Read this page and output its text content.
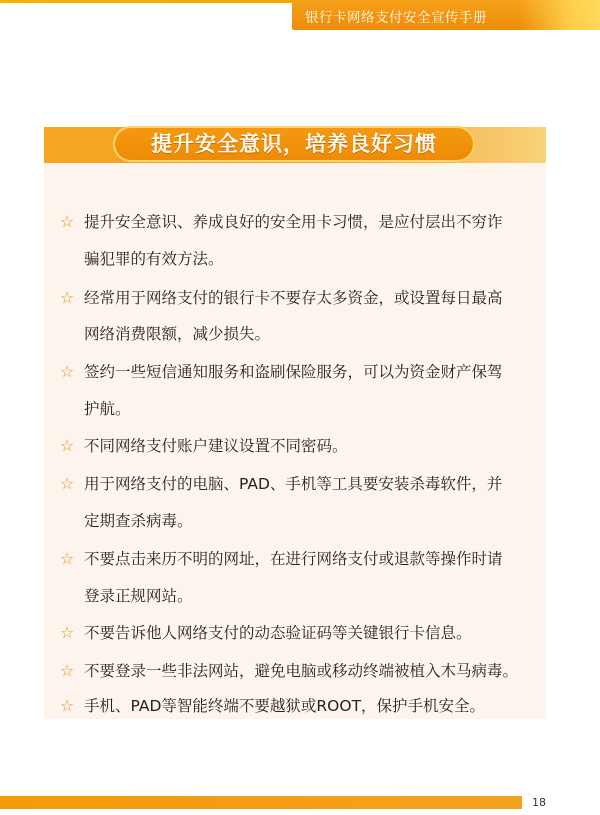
银行卡网络支付安全宣传手册
提升安全意识，培养良好习惯
☆ 提升安全意识、养成良好的安全用卡习惯，是应付层出不穷诈
骗犯罪的有效方法。
☆ 经常用于网络支付的银行卡不要存太多资金，或设置每日最高
网络消费限额，减少损失。
☆ 签约一些短信通知服务和盗刷保险服务，可以为资金财产保驾
护航。
☆ 不同网络支付账户建议设置不同密码。
☆ 用于网络支付的电脑、PAD、手机等工具要安装杀毒软件，并
定期查杀病毒。
☆ 不要点击来历不明的网址，在进行网络支付或退款等操作时请
登录正规网站。
☆ 不要告诉他人网络支付的动态验证码等关键银行卡信息。
☆ 不要登录一些非法网站，避免电脑或移动终端被植入木马病毒。
☆ 手机、PAD等智能终端不要越狱或ROOT，保护手机安全。
18
